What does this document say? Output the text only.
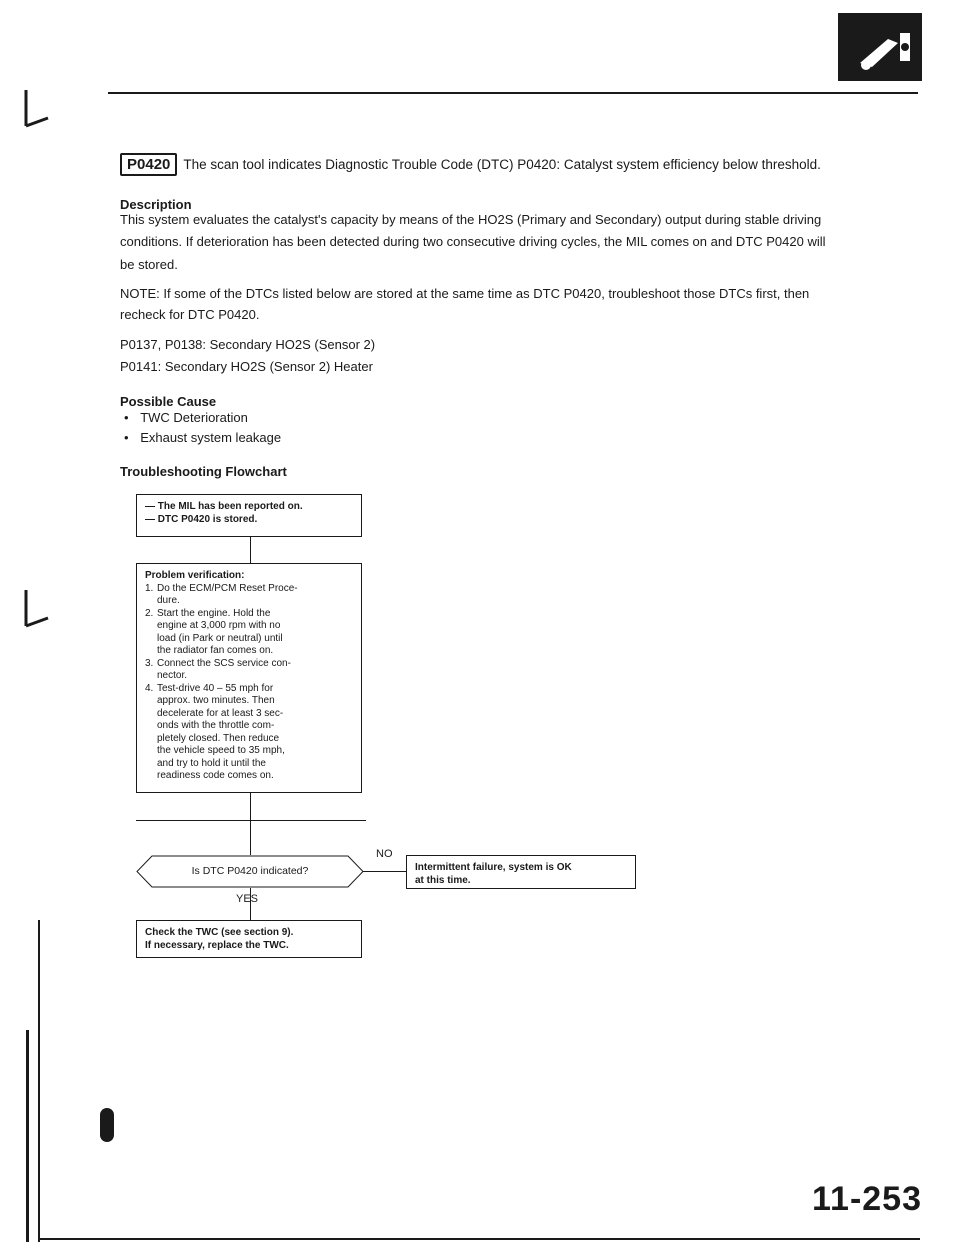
P0420 The scan tool indicates Diagnostic Trouble Code (DTC) P0420: Catalyst system efficiency below threshold.
Description
This system evaluates the catalyst's capacity by means of the HO2S (Primary and Secondary) output during stable driving
conditions. If deterioration has been detected during two consecutive driving cycles, the MIL comes on and DTC P0420 will
be stored.
NOTE: If some of the DTCs listed below are stored at the same time as DTC P0420, troubleshoot those DTCs first, then
recheck for DTC P0420.
P0137, P0138: Secondary HO2S (Sensor 2)
P0141: Secondary HO2S (Sensor 2) Heater
Possible Cause
• TWC Deterioration
• Exhaust system leakage
Troubleshooting Flowchart
— The MIL has been reported on.
— DTC P0420 is stored.
Problem verification:
1. Do the ECM/PCM Reset Proce-
dure.
2. Start the engine. Hold the
engine at 3,000 rpm with no
load (in Park or neutral) until
the radiator fan comes on.
3. Connect the SCS service con-
nector.
4. Test-drive 40 – 55 mph for
approx. two minutes. Then
decelerate for at least 3 sec-
onds with the throttle com-
pletely closed. Then reduce
the vehicle speed to 35 mph,
and try to hold it until the
readiness code comes on.
Is DTC P0420 indicated?
NO
YES
Intermittent failure, system is OK
at this time.
Check the TWC (see section 9).
If necessary, replace the TWC.
11-253
